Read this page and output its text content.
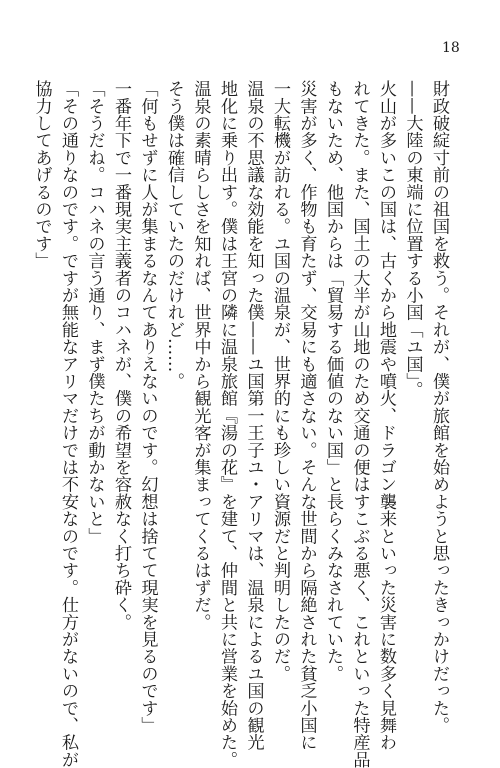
18
財政破綻寸前の祖国を救う。それが、僕が旅館を始めようと思ったきっかけだった。
——大陸の東端に位置する小国「ユ国」。
火山が多いこの国は、古くから地震や噴火、ドラゴン襲来といった災害に数多く見舞わ
れてきた。また、国土の大半が山地のため交通の便はすこぶる悪く、これといった特産品
もないため、他国からは「貿易する価値のない国」と長らくみなされていた。
災害が多く、作物も育たず、交易にも適さない。そんな世間から隔絶された貧乏小国に
一大転機が訪れる。ユ国の温泉が、世界的にも珍しい資源だと判明したのだ。
温泉の不思議な効能を知った僕——ユ国第一王子ユ・アリマは、温泉によるユ国の観光
地化に乗り出す。僕は王宮の隣に温泉旅館『湯の花』を建て、仲間と共に営業を始めた。
温泉の素晴らしさを知れば、世界中から観光客が集まってくるはずだ。
そう僕は確信していたのだけれど……。
「何もせずに人が集まるなんてありえないのです。幻想は捨てて現実を見るのです」
一番年下で一番現実主義者のコハネが、僕の希望を容赦なく打ち砕く。
「そうだね。コハネの言う通り、まず僕たちが動かないと」
「その通りなのです。ですが無能なアリマだけでは不安なのです。仕方がないので、私が
協力してあげるのです」
